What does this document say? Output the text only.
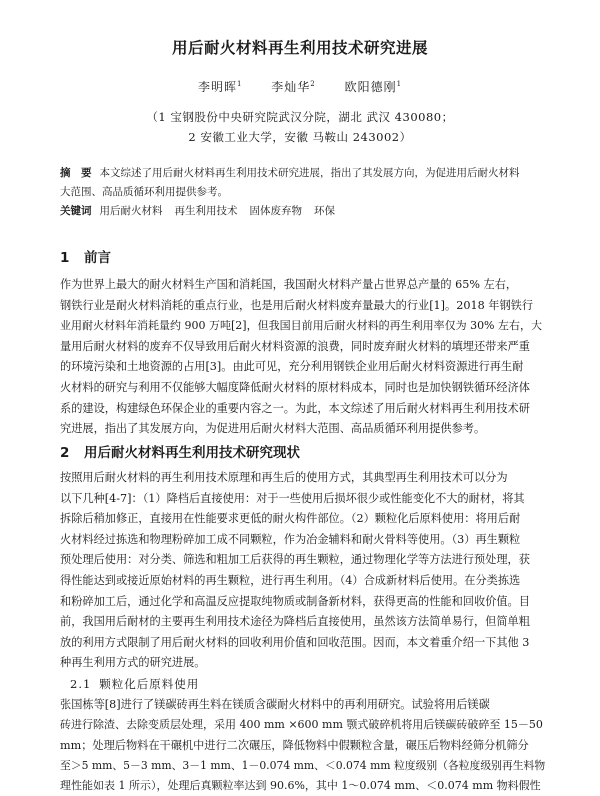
用后耐火材料再生利用技术研究进展
李明晖$^1$ 李灿华$^2$ 欧阳德刚$^1$
（1 宝钢股份中央研究院武汉分院，湖北 武汉 430080；
2 安徽工业大学，安徽 马鞍山 243002）
摘　要 本文综述了用后耐火材料再生利用技术研究进展，指出了其发展方向，为促进用后耐火材料
大范围、高品质循环利用提供参考。
关键词 用后耐火材料 再生利用技术 固体废弃物 环保
1 前言
作为世界上最大的耐火材料生产国和消耗国，我国耐火材料产量占世界总产量的 65% 左右，
钢铁行业是耐火材料消耗的重点行业，也是用后耐火材料废弃量最大的行业[1]。2018 年钢铁行
业用耐火材料年消耗量约 900 万吨[2]，但我国目前用后耐火材料的再生利用率仅为 30% 左右，大
量用后耐火材料的废弃不仅导致用后耐火材料资源的浪费，同时废弃耐火材料的填埋还带来严重
的环境污染和土地资源的占用[3]。由此可见，充分利用钢铁企业用后耐火材料资源进行再生耐
火材料的研究与利用不仅能够大幅度降低耐火材料的原材料成本，同时也是加快钢铁循环经济体
系的建设，构建绿色环保企业的重要内容之一。为此，本文综述了用后耐火材料再生利用技术研
究进展，指出了其发展方向，为促进用后耐火材料大范围、高品质循环利用提供参考。
2 用后耐火材料再生利用技术研究现状
按照用后耐火材料的再生利用技术原理和再生后的使用方式，其典型再生利用技术可以分为
以下几种[4-7]：（1）降档后直接使用：对于一些使用后损坏很少或性能变化不大的耐材，将其
拆除后稍加修正，直接用在性能要求更低的耐火构件部位。（2）颗粒化后原料使用：将用后耐
火材料经过拣选和物理粉碎加工成不同颗粒，作为冶金辅料和耐火骨料等使用。（3）再生颗粒
预处理后使用：对分类、筛选和粗加工后获得的再生颗粒，通过物理化学等方法进行预处理，获
得性能达到或接近原始材料的再生颗粒，进行再生利用。（4）合成新材料后使用。在分类拣选
和粉碎加工后，通过化学和高温反应提取纯物质或制备新材料，获得更高的性能和回收价值。目
前，我国用后耐材的主要再生利用技术途径为降档后直接使用，虽然该方法简单易行，但简单粗
放的利用方式限制了用后耐火材料的回收利用价值和回收范围。因而，本文着重介绍一下其他 3
种再生利用方式的研究进展。
2.1 颗粒化后原料使用
张国栋等[8]进行了镁碳砖再生料在镁质含碳耐火材料中的再利用研究。试验将用后镁碳
砖进行除渣、去除变质层处理，采用 400 mm ×600 mm 颚式破碎机将用后镁碳砖破碎至 15－50
mm；处理后物料在干碾机中进行二次碾压，降低物料中假颗粒含量，碾压后物料经筛分机筛分
至＞5 mm、5－3 mm、3－1 mm、1－0.074 mm、＜0.074 mm 粒度级别（各粒度级别再生料物
理性能如表 1 所示），处理后真颗粒率达到 90.6%，其中 1～0.074 mm、＜0.074 mm 物料假性
